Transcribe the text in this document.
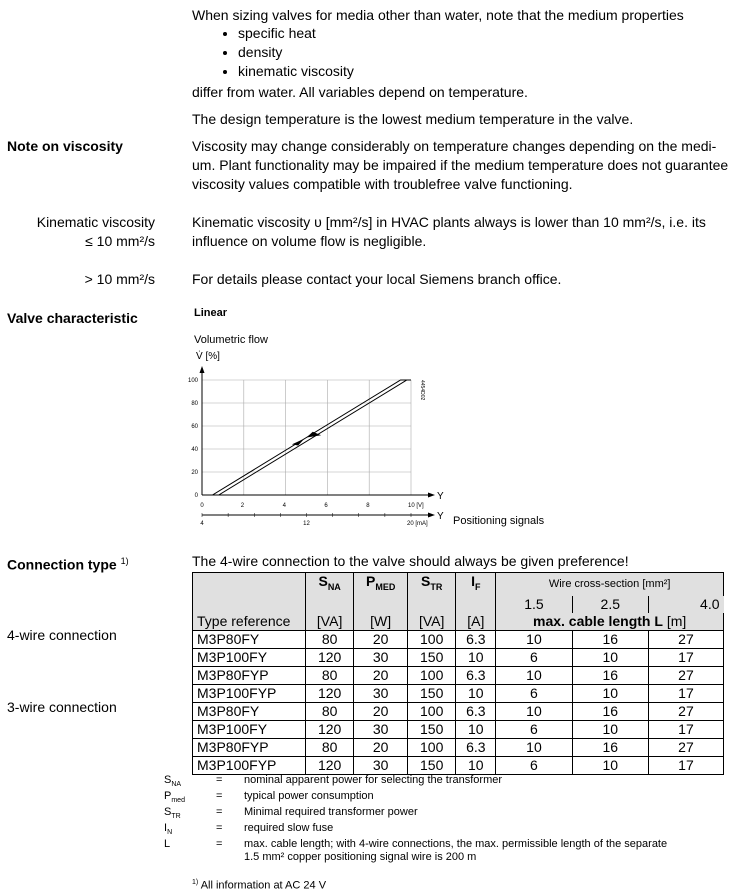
When sizing valves for media other than water, note that the medium properties
• specific heat
• density
• kinematic viscosity
differ from water. All variables depend on temperature.
The design temperature is the lowest medium temperature in the valve.
Note on viscosity	Viscosity may change considerably on temperature changes depending on the medi-
um. Plant functionality may be impaired if the medium temperature does not guarantee
viscosity values compatible with troublefree valve functioning.
Kinematic viscosity
≤ 10 mm²/s
Kinematic viscosity υ [mm²/s] in HVAC plants always is lower than 10 mm²/s, i.e. its
influence on volume flow is negligible.
> 10 mm²/s	For details please contact your local Siemens branch office.
Valve characteristic	Linear
Volumetric flow
V̇ [%]
Positioning signals
0
20
40
60
80
100
0	2	4	6	8	10 [V]
Y
Y
4	12	20 [mA]
4454D02
Connection type $^{1)}$	The 4-wire connection to the valve should always be given preference!
4-wire connection
3-wire connection
	$S_{NA}$	$P_{MED}$	$S_{TR}$	$I_F$	Wire cross-section [mm²]		
					1.5	2.5	4.0
Type reference	[VA]	[W]	[VA]	[A]	max. cable length L [m]		
M3P80FY	80	20	100	6.3	10	16	27
M3P100FY	120	30	150	10	6	10	17
M3P80FYP	80	20	100	6.3	10	16	27
M3P100FYP	120	30	150	10	6	10	17
M3P80FY	80	20	100	6.3	10	16	27
M3P100FY	120	30	150	10	6	10	17
M3P80FYP	80	20	100	6.3	10	16	27
M3P100FYP	120	30	150	10	6	10	17
$S_{NA}$	= nominal apparent power for selecting the transformer
$P_{med}$	= typical power consumption
$S_{TR}$	= Minimal required transformer power
$I_N$	= required slow fuse
L	= max. cable length; with 4-wire connections, the max. permissible length of the separate
1.5 mm² copper positioning signal wire is 200 m
$^{1)}$ All information at AC 24 V
